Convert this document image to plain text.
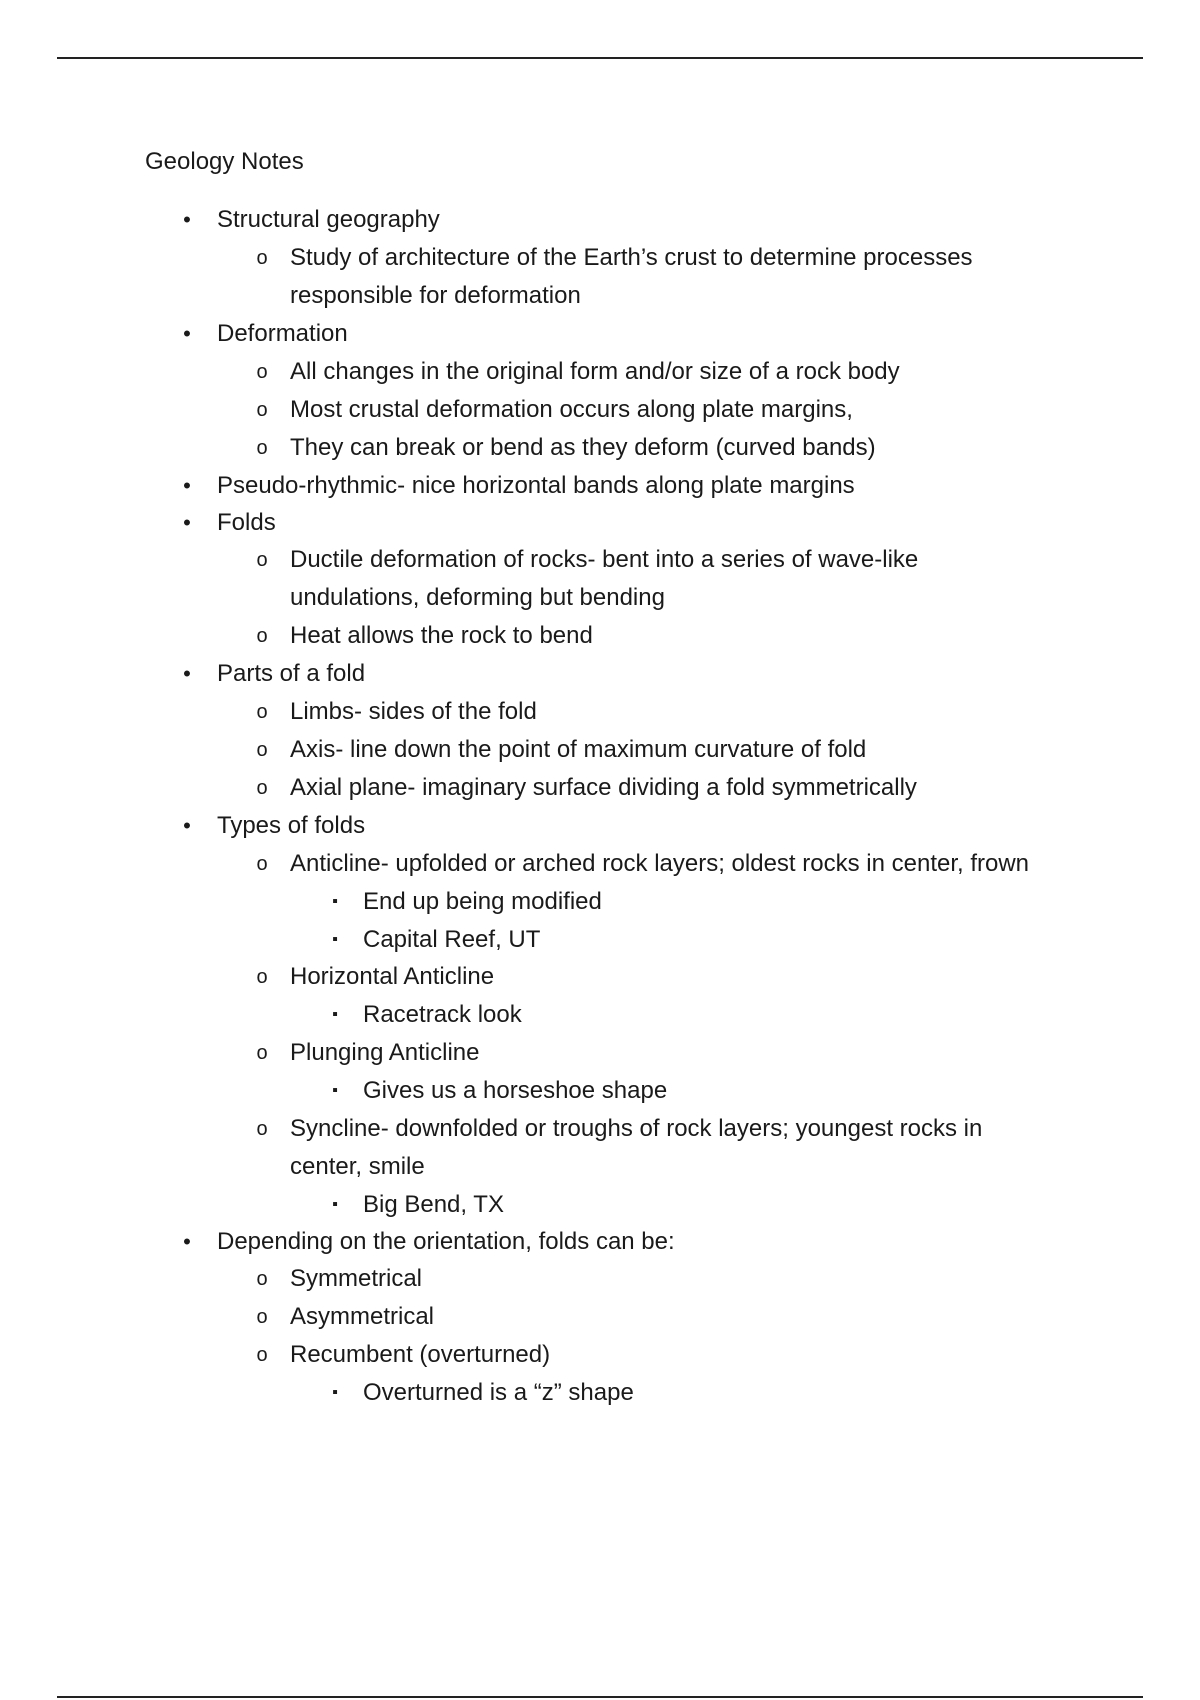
Geology Notes
• Structural geography
o Study of architecture of the Earth’s crust to determine processes responsible for deformation
• Deformation
o All changes in the original form and/or size of a rock body
o Most crustal deformation occurs along plate margins,
o They can break or bend as they deform (curved bands)
• Pseudo-rhythmic- nice horizontal bands along plate margins
• Folds
o Ductile deformation of rocks- bent into a series of wave-like undulations, deforming but bending
o Heat allows the rock to bend
• Parts of a fold
o Limbs- sides of the fold
o Axis- line down the point of maximum curvature of fold
o Axial plane- imaginary surface dividing a fold symmetrically
• Types of folds
o Anticline- upfolded or arched rock layers; oldest rocks in center, frown
▪ End up being modified
▪ Capital Reef, UT
o Horizontal Anticline
▪ Racetrack look
o Plunging Anticline
▪ Gives us a horseshoe shape
o Syncline- downfolded or troughs of rock layers; youngest rocks in center, smile
▪ Big Bend, TX
• Depending on the orientation, folds can be:
o Symmetrical
o Asymmetrical
o Recumbent (overturned)
▪ Overturned is a “z” shape
